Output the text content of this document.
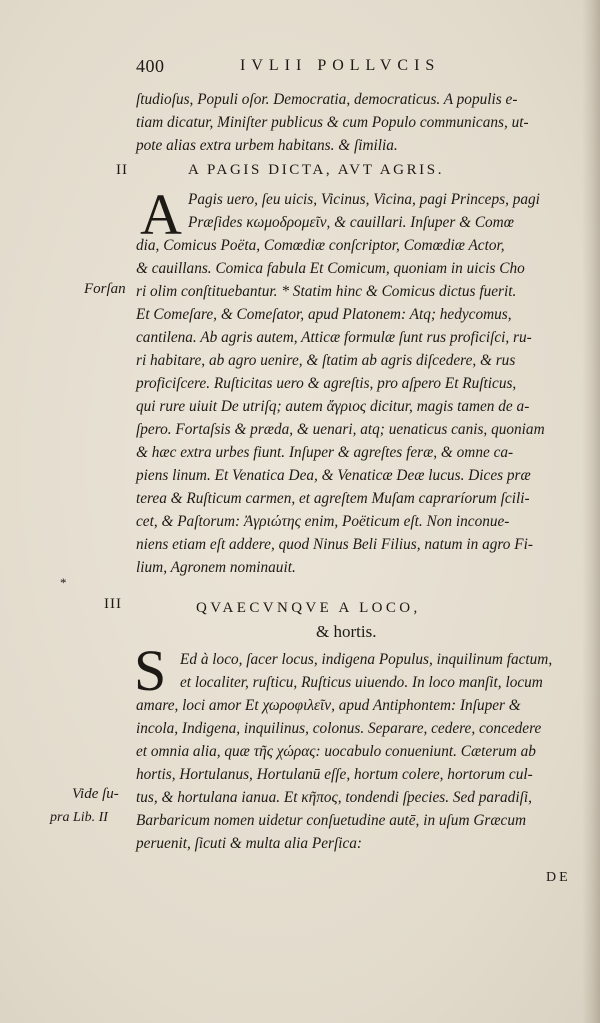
400	IVLII POLLVCIS
ſtudioſus, Populi oſor. Democratia, democraticus. A populis e-
tiam dicatur, Miniſter publicus & cum Populo communicans, ut-
pote alias extra urbem habitans. & ſimilia.
II	A PAGIS DICTA, AVT AGRIS.
A Pagis uero, ſeu uicis, Vicinus, Vicina, pagi Princeps, pagi
Præſides κωμοδρομεῖν, & cauillari. Inſuper & Comœ
dia, Comicus Poëta, Comœdiæ conſcriptor, Comœdiæ Actor,
& cauillans. Comica fabula Et Comicum, quoniam in uicis Cho
ri olim conſtituebantur. * Statim hinc & Comicus dictus fuerit.
Et Comeſare, & Comeſator, apud Platonem: Atq; hedycomus,
cantilena. Ab agris autem, Atticæ formulæ ſunt rus proficiſci, ru-
ri habitare, ab agro uenire, & ſtatim ab agris diſcedere, & rus
proficiſcere. Ruſticitas uero & agreſtis, pro aſpero Et Ruſticus,
qui rure uiuit De utriſq; autem ἄγριος dicitur, magis tamen de a-
ſpero. Fortaſsis & præda, & uenari, atq; uenaticus canis, quoniam
& hæc extra urbes fiunt. Inſuper & agreſtes feræ, & omne ca-
piens linum. Et Venatica Dea, & Venaticæ Deæ lucus. Dices præ
terea & Ruſticum carmen, et agreſtem Muſam capraríorum ſcili-
cet, & Paſtorum: Ἀγριώτης enim, Poëticum eſt. Non inconue-
niens etiam eſt addere, quod Ninus Beli Filius, natum in agro Fi-
lium, Agronem nominauit.
Forſan
*
III	QVAECVNQVE A LOCO,
& hortis.
S Ed à loco, ſacer locus, indigena Populus, inquilinum factum,
et localiter, ruſticu, Ruſticus uiuendo. In loco manſit, locum
amare, loci amor Et χωροφιλεῖν, apud Antiphontem: Inſuper &
incola, Indigena, inquilinus, colonus. Separare, cedere, concedere
et omnia alia, quæ τῆς χώρας: uocabulo conueniunt. Cæterum ab
hortis, Hortulanus, Hortulanū eſſe, hortum colere, hortorum cul-
tus, & hortulana ianua. Et κῆπος, tondendi ſpecies. Sed paradiſi,
Barbaricum nomen uidetur conſuetudine autē, in uſum Græcum
peruenit, ſicuti & multa alia Perſica:
Vide ſu-
pra Lib. II
DE
